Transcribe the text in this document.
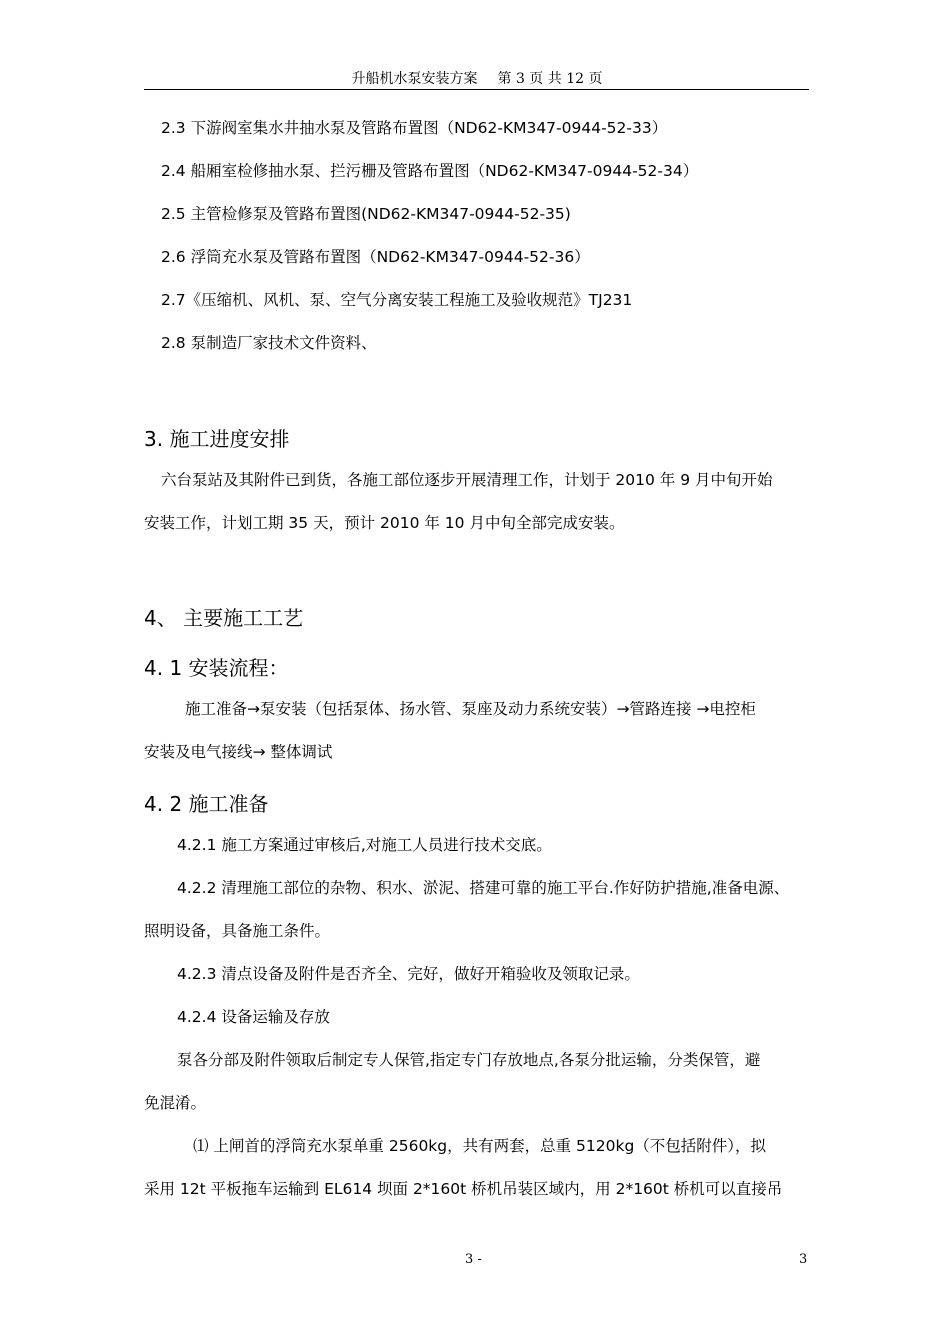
升船机水泵安装方案 第 3 页 共 12 页
2.3 下游阀室集水井抽水泵及管路布置图（ND62-KM347-0944-52-33）
2.4 船厢室检修抽水泵、拦污栅及管路布置图（ND62-KM347-0944-52-34）
2.5 主管检修泵及管路布置图(ND62-KM347-0944-52-35)
2.6 浮筒充水泵及管路布置图（ND62-KM347-0944-52-36）
2.7《压缩机、风机、泵、空气分离安装工程施工及验收规范》TJ231
2.8 泵制造厂家技术文件资料、
3. 施工进度安排
六台泵站及其附件已到货，各施工部位逐步开展清理工作，计划于 2010 年 9 月中旬开始
安装工作，计划工期 35 天，预计 2010 年 10 月中旬全部完成安装。
4、 主要施工工艺
4. 1 安装流程：
施工准备→泵安装（包括泵体、扬水管、泵座及动力系统安装）→管路连接 →电控柜
安装及电气接线→ 整体调试
4. 2 施工准备
4.2.1 施工方案通过审核后,对施工人员进行技术交底。
4.2.2 清理施工部位的杂物、积水、淤泥、搭建可靠的施工平台.作好防护措施,准备电源、
照明设备，具备施工条件。
4.2.3 清点设备及附件是否齐全、完好，做好开箱验收及领取记录。
4.2.4 设备运输及存放
泵各分部及附件领取后制定专人保管,指定专门存放地点,各泵分批运输，分类保管，避
免混淆。
⑴ 上闸首的浮筒充水泵单重 2560kg，共有两套，总重 5120kg（不包括附件），拟
采用 12t 平板拖车运输到 EL614 坝面 2*160t 桥机吊装区域内，用 2*160t 桥机可以直接吊
3 -	3
